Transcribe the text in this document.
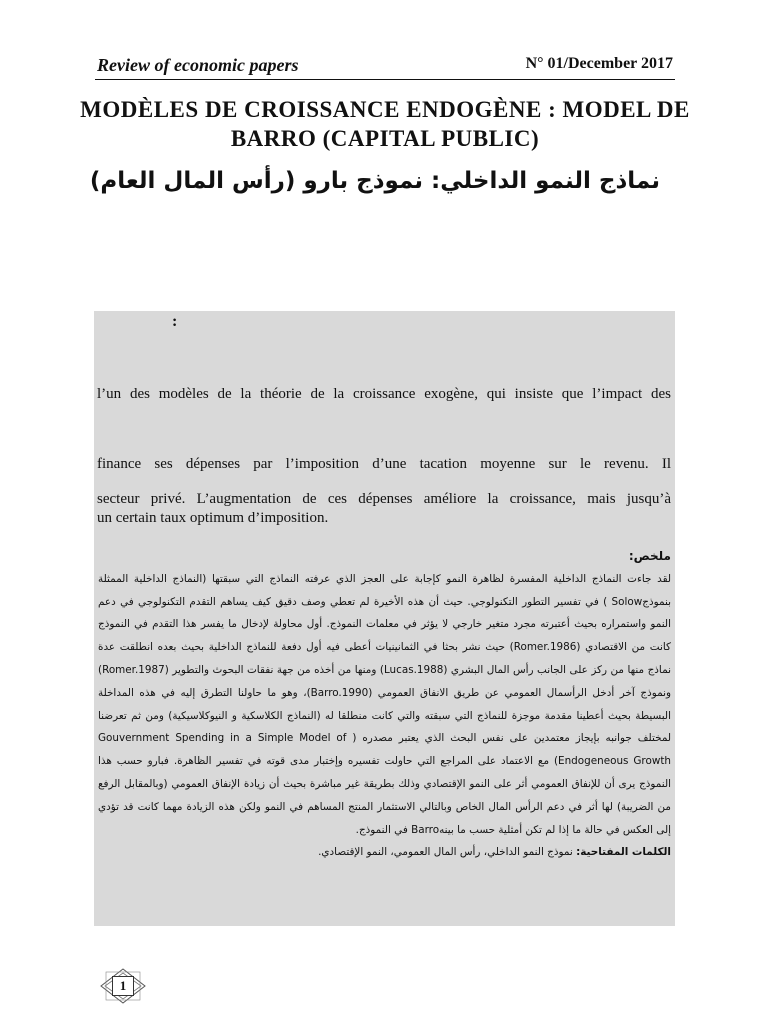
Review of economic papers	N° 01/December 2017
MODÈLES DE CROISSANCE ENDOGÈNE : MODEL DE BARRO (CAPITAL PUBLIC)
نماذج النمو الداخلي: نموذج بارو (رأس المال العام)
:
l’un des modèles de la théorie de la croissance exogène, qui insiste que l’impact des
finance ses dépenses par l’imposition d’une tacation moyenne sur le revenu. Il
secteur privé. L’augmentation de ces dépenses améliore la croissance, mais jusqu’à
un certain taux optimum d’imposition.
ملخص:
لقد جاءت النماذج الداخلية المفسرة لظاهرة النمو كإجابة على العجز الذي عرفته النماذج التي سبقتها (النماذج الداخلية الممثلة بنموذجSolow ) في تفسير التطور التكنولوجي. حيث أن هذه الأخيرة لم تعطي وصف دقيق كيف يساهم التقدم التكنولوجي في دعم النمو واستمراره بحيث أعتبرته مجرد متغير خارجي لا يؤثر في معلمات النموذج. أول محاولة لإدخال ما يفسر هذا التقدم في النموذج كانت من الاقتصادي (Romer.1986) حيث نشر بحثا في الثمانينيات أعطى فيه أول دفعة للنماذج الداخلية بحيث بعده انطلقت عدة نماذج منها من ركز على الجانب رأس المال البشري (Lucas.1988) ومنها من أخذه من جهة نفقات البحوث والتطوير (Romer.1987) ونموذج آخر أدخل الرأسمال العمومي عن طريق الانفاق العمومي (Barro.1990)، وهو ما حاولنا التطرق إليه في هذه المداخلة البسيطة بحيث أعطينا مقدمة موجزة للنماذج التي سبقته والتي كانت منطلقا له (النماذج الكلاسكية و النيوكلاسيكية) ومن ثم تعرضنا لمختلف جوانبه بإيجاز معتمدين على نفس البحث الذي يعتبر مصدره ( Gouvernment Spending in a Simple Model of Endogeneous Growth) مع الاعتماد على المراجع التي حاولت تفسيره وإختبار مدى قوته في تفسير الظاهرة. فبارو حسب هذا النموذج يرى أن للإنفاق العمومي أثر على النمو الإقتصادي وذلك بطريقة غير مباشرة بحيث أن زيادة الإنفاق العمومي (وبالمقابل الرفع من الضريبة) لها أثر في دعم الرأس المال الخاص وبالتالي الاستثمار المنتج المساهم في النمو ولكن هذه الزيادة مهما كانت قد تؤدي إلى العكس في حالة ما إذا لم تكن أمثلية حسب ما بينهBarro في النموذج.
الكلمات المفتاحية: نموذج النمو الداخلي، رأس المال العمومي، النمو الإقتصادي.
1
